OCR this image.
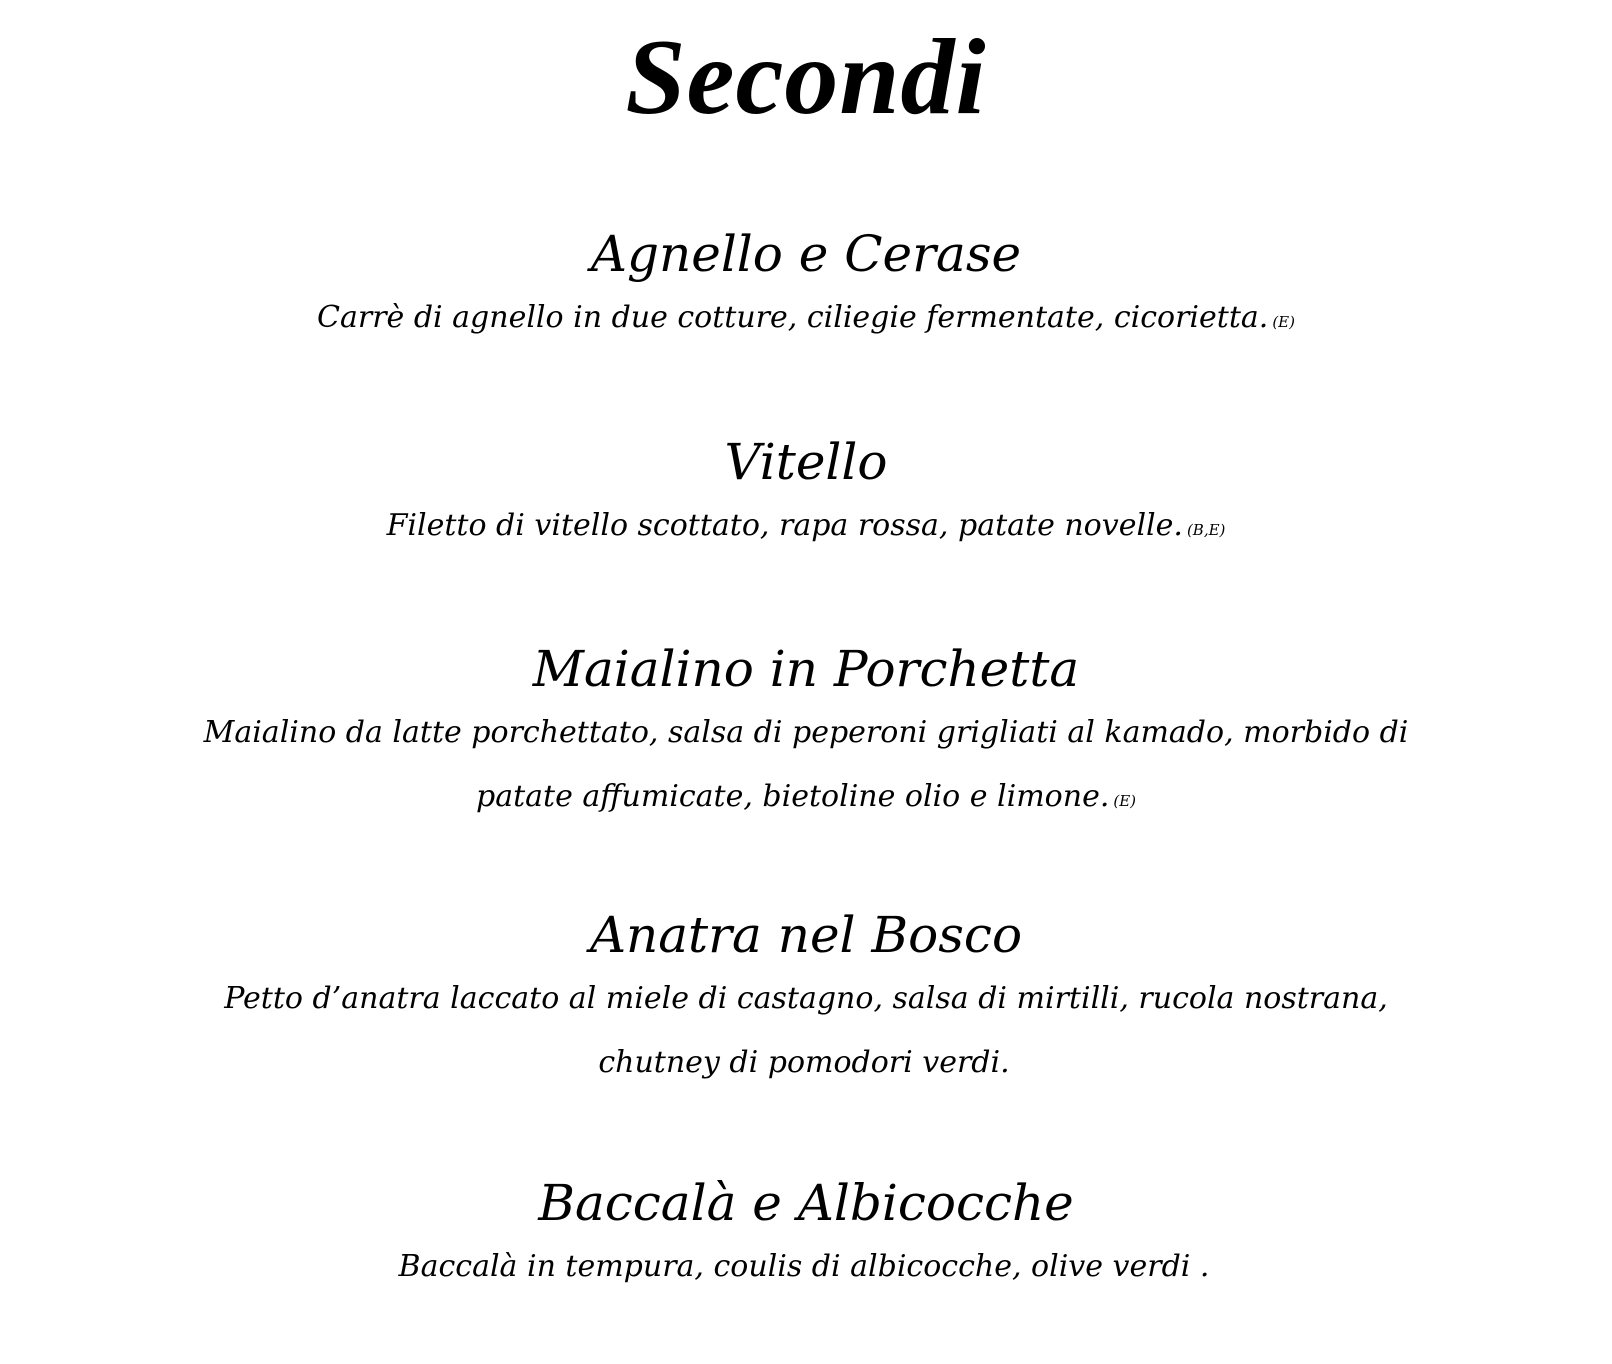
Secondi

Agnello e Cerase

Carrè di agnello in due cotture, ciliegie fermentate, cicorietta. (E)

Vitello

Filetto di vitello scottato, rapa rossa, patate novelle. (B,E)

Maialino in Porchetta

Maialino da latte porchettato, salsa di peperoni grigliati al kamado, morbido di patate affumicate, bietoline olio e limone. (E)

Anatra nel Bosco

Petto d’anatra laccato al miele di castagno, salsa di mirtilli, rucola nostrana, chutney di pomodori verdi.

Baccalà e Albicocche

Baccalà in tempura, coulis di albicocche, olive verdi .
